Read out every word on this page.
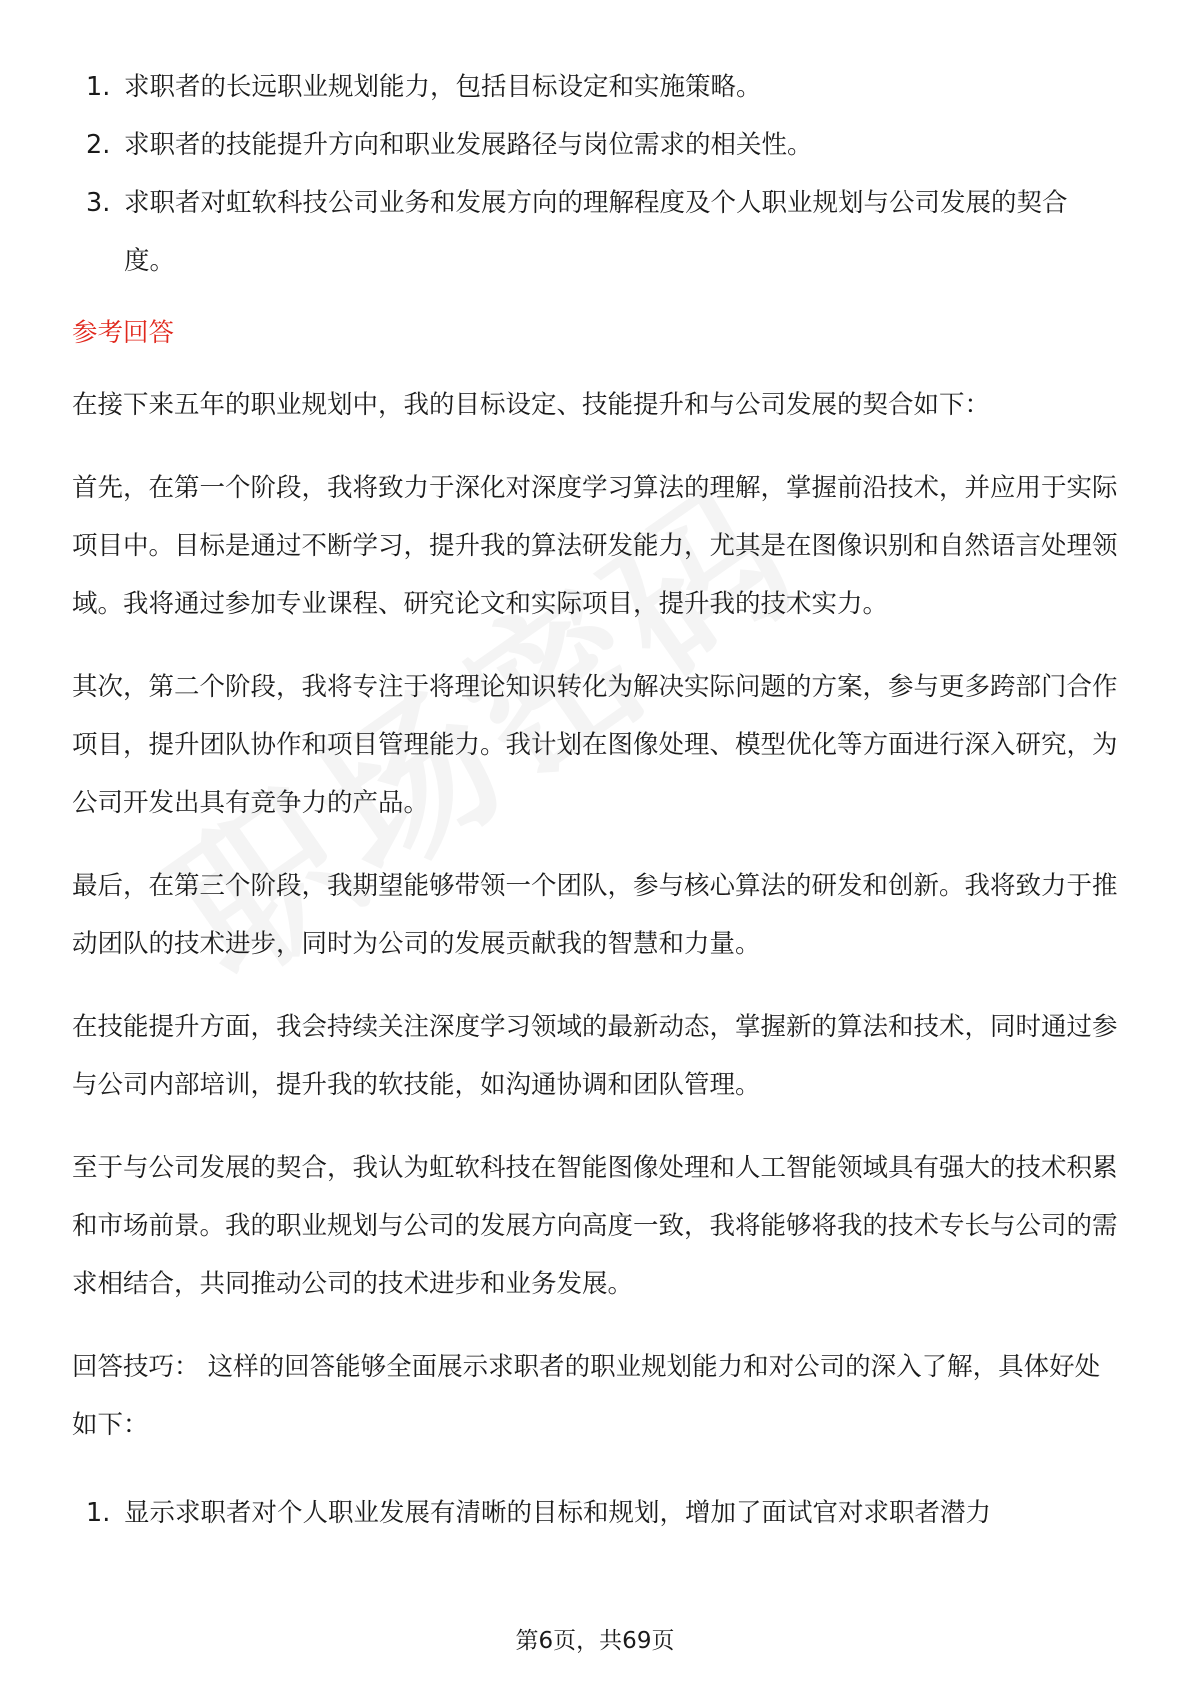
1. 求职者的长远职业规划能力，包括目标设定和实施策略。
2. 求职者的技能提升方向和职业发展路径与岗位需求的相关性。
3. 求职者对虹软科技公司业务和发展方向的理解程度及个人职业规划与公司发展的契合度。
参考回答

在接下来五年的职业规划中，我的目标设定、技能提升和与公司发展的契合如下：

首先，在第一个阶段，我将致力于深化对深度学习算法的理解，掌握前沿技术，并应用于实际项目中。目标是通过不断学习，提升我的算法研发能力，尤其是在图像识别和自然语言处理领域。我将通过参加专业课程、研究论文和实际项目，提升我的技术实力。

其次，第二个阶段，我将专注于将理论知识转化为解决实际问题的方案，参与更多跨部门合作项目，提升团队协作和项目管理能力。我计划在图像处理、模型优化等方面进行深入研究，为公司开发出具有竞争力的产品。

最后，在第三个阶段，我期望能够带领一个团队，参与核心算法的研发和创新。我将致力于推动团队的技术进步，同时为公司的发展贡献我的智慧和力量。

在技能提升方面，我会持续关注深度学习领域的最新动态，掌握新的算法和技术，同时通过参与公司内部培训，提升我的软技能，如沟通协调和团队管理。

至于与公司发展的契合，我认为虹软科技在智能图像处理和人工智能领域具有强大的技术积累和市场前景。我的职业规划与公司的发展方向高度一致，我将能够将我的技术专长与公司的需求相结合，共同推动公司的技术进步和业务发展。

回答技巧： 这样的回答能够全面展示求职者的职业规划能力和对公司的深入了解，具体好处如下：

1. 显示求职者对个人职业发展有清晰的目标和规划，增加了面试官对求职者潜力
第6页，共69页
